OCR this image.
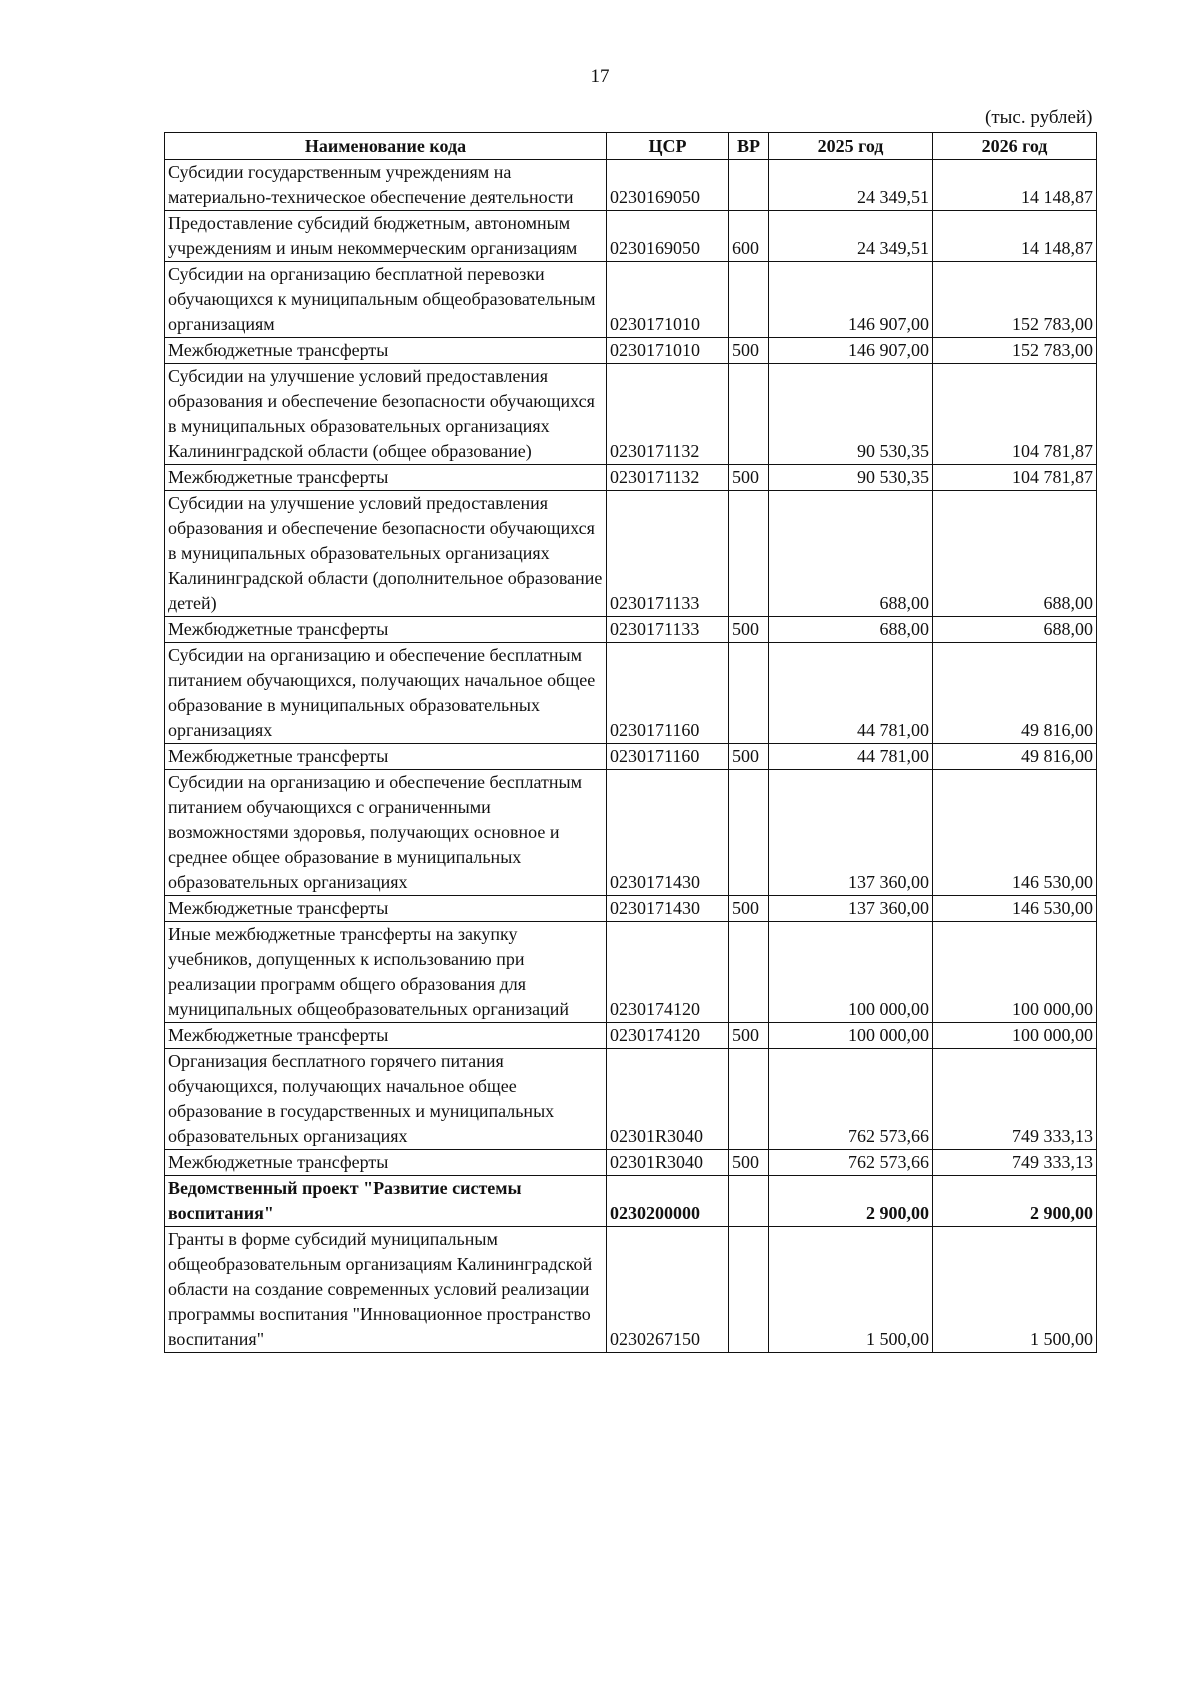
17
(тыс. рублей)
Наименование кода	ЦСР	ВР	2025 год	2026 год
Субсидии государственным учреждениям на материально-техническое обеспечение деятельности	0230169050		24 349,51	14 148,87
Предоставление субсидий бюджетным, автономным учреждениям и иным некоммерческим организациям	0230169050	600	24 349,51	14 148,87
Субсидии на организацию бесплатной перевозки обучающихся к муниципальным общеобразовательным организациям	0230171010		146 907,00	152 783,00
Межбюджетные трансферты	0230171010	500	146 907,00	152 783,00
Субсидии на улучшение условий предоставления образования и обеспечение безопасности обучающихся в муниципальных образовательных организациях Калининградской области (общее образование)	0230171132		90 530,35	104 781,87
Межбюджетные трансферты	0230171132	500	90 530,35	104 781,87
Субсидии на улучшение условий предоставления образования и обеспечение безопасности обучающихся в муниципальных образовательных организациях Калининградской области (дополнительное образование детей)	0230171133		688,00	688,00
Межбюджетные трансферты	0230171133	500	688,00	688,00
Субсидии на организацию и обеспечение бесплатным питанием обучающихся, получающих начальное общее образование в муниципальных образовательных организациях	0230171160		44 781,00	49 816,00
Межбюджетные трансферты	0230171160	500	44 781,00	49 816,00
Субсидии на организацию и обеспечение бесплатным питанием обучающихся с ограниченными возможностями здоровья, получающих основное и среднее общее образование в муниципальных образовательных организациях	0230171430		137 360,00	146 530,00
Межбюджетные трансферты	0230171430	500	137 360,00	146 530,00
Иные межбюджетные трансферты на закупку учебников, допущенных к использованию при реализации программ общего образования для муниципальных общеобразовательных организаций	0230174120		100 000,00	100 000,00
Межбюджетные трансферты	0230174120	500	100 000,00	100 000,00
Организация бесплатного горячего питания обучающихся, получающих начальное общее образование в государственных и муниципальных образовательных организациях	02301R3040		762 573,66	749 333,13
Межбюджетные трансферты	02301R3040	500	762 573,66	749 333,13
Ведомственный проект "Развитие системы воспитания"	0230200000		2 900,00	2 900,00
Гранты в форме субсидий муниципальным общеобразовательным организациям Калининградской области на создание современных условий реализации программы воспитания "Инновационное пространство воспитания"	0230267150		1 500,00	1 500,00
